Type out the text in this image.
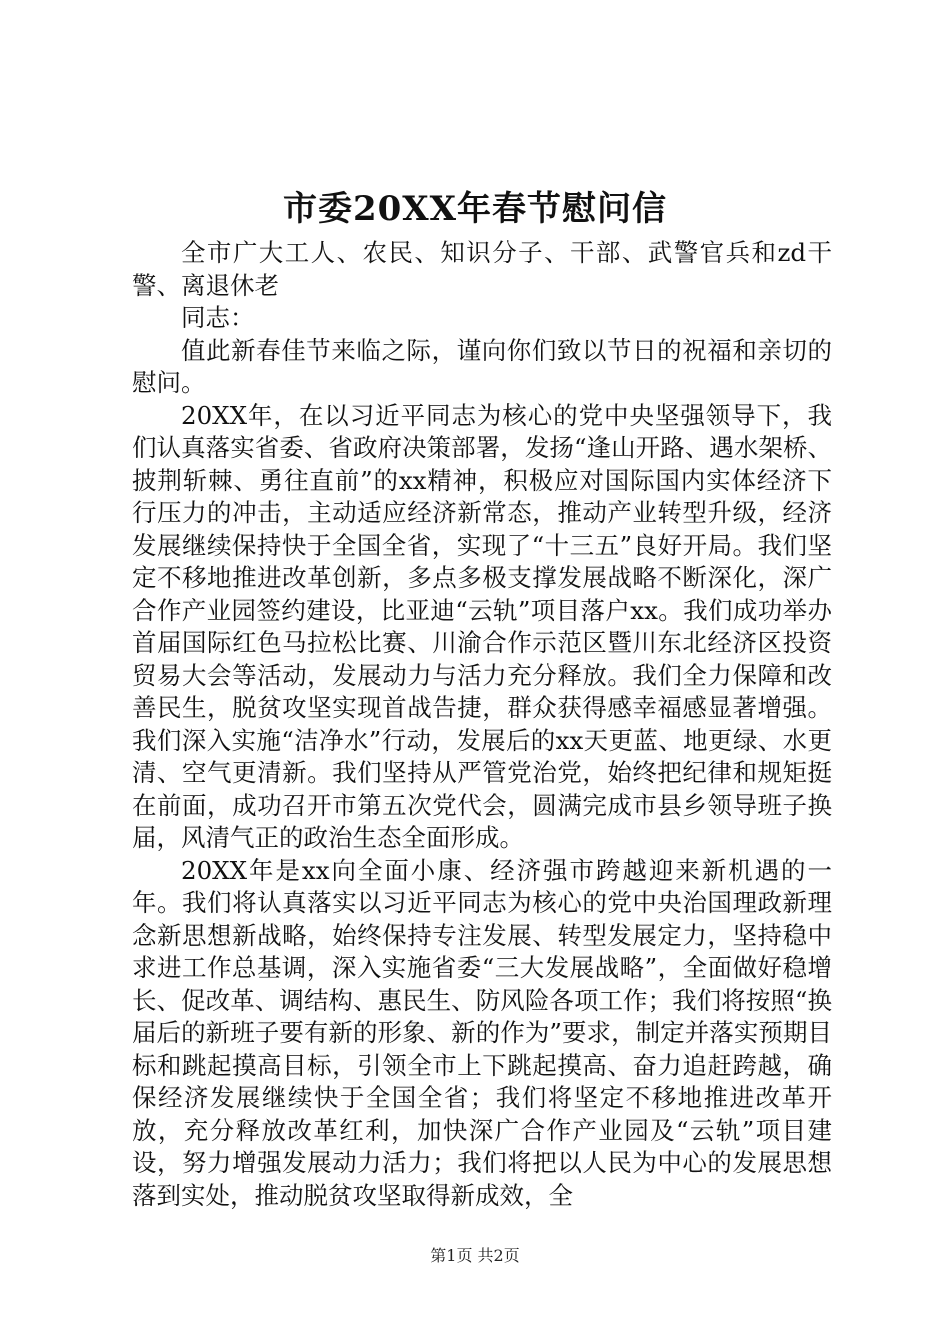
市委20XX年春节慰问信

全市广大工人、农民、知识分子、干部、武警官兵和zd干警、离退休老

同志：

值此新春佳节来临之际，谨向你们致以节日的祝福和亲切的慰问。

20XX年，在以习近平同志为核心的党中央坚强领导下，我们认真落实省委、省政府决策部署，发扬“逢山开路、遇水架桥、披荆斩棘、勇往直前”的xx精神，积极应对国际国内实体经济下行压力的冲击，主动适应经济新常态，推动产业转型升级，经济发展继续保持快于全国全省，实现了“十三五”良好开局。我们坚定不移地推进改革创新，多点多极支撑发展战略不断深化，深广合作产业园签约建设，比亚迪“云轨”项目落户xx。我们成功举办首届国际红色马拉松比赛、川渝合作示范区暨川东北经济区投资贸易大会等活动，发展动力与活力充分释放。我们全力保障和改善民生，脱贫攻坚实现首战告捷，群众获得感幸福感显著增强。我们深入实施“洁净水”行动，发展后的xx天更蓝、地更绿、水更清、空气更清新。我们坚持从严管党治党，始终把纪律和规矩挺在前面，成功召开市第五次党代会，圆满完成市县乡领导班子换届，风清气正的政治生态全面形成。

20XX年是xx向全面小康、经济强市跨越迎来新机遇的一年。我们将认真落实以习近平同志为核心的党中央治国理政新理念新思想新战略，始终保持专注发展、转型发展定力，坚持稳中求进工作总基调，深入实施省委“三大发展战略”，全面做好稳增长、促改革、调结构、惠民生、防风险各项工作；我们将按照“换届后的新班子要有新的形象、新的作为”要求，制定并落实预期目标和跳起摸高目标，引领全市上下跳起摸高、奋力追赶跨越，确保经济发展继续快于全国全省；我们将坚定不移地推进改革开放，充分释放改革红利，加快深广合作产业园及“云轨”项目建设，努力增强发展动力活力；我们将把以人民为中心的发展思想落到实处，推动脱贫攻坚取得新成效，全

第1页 共2页
